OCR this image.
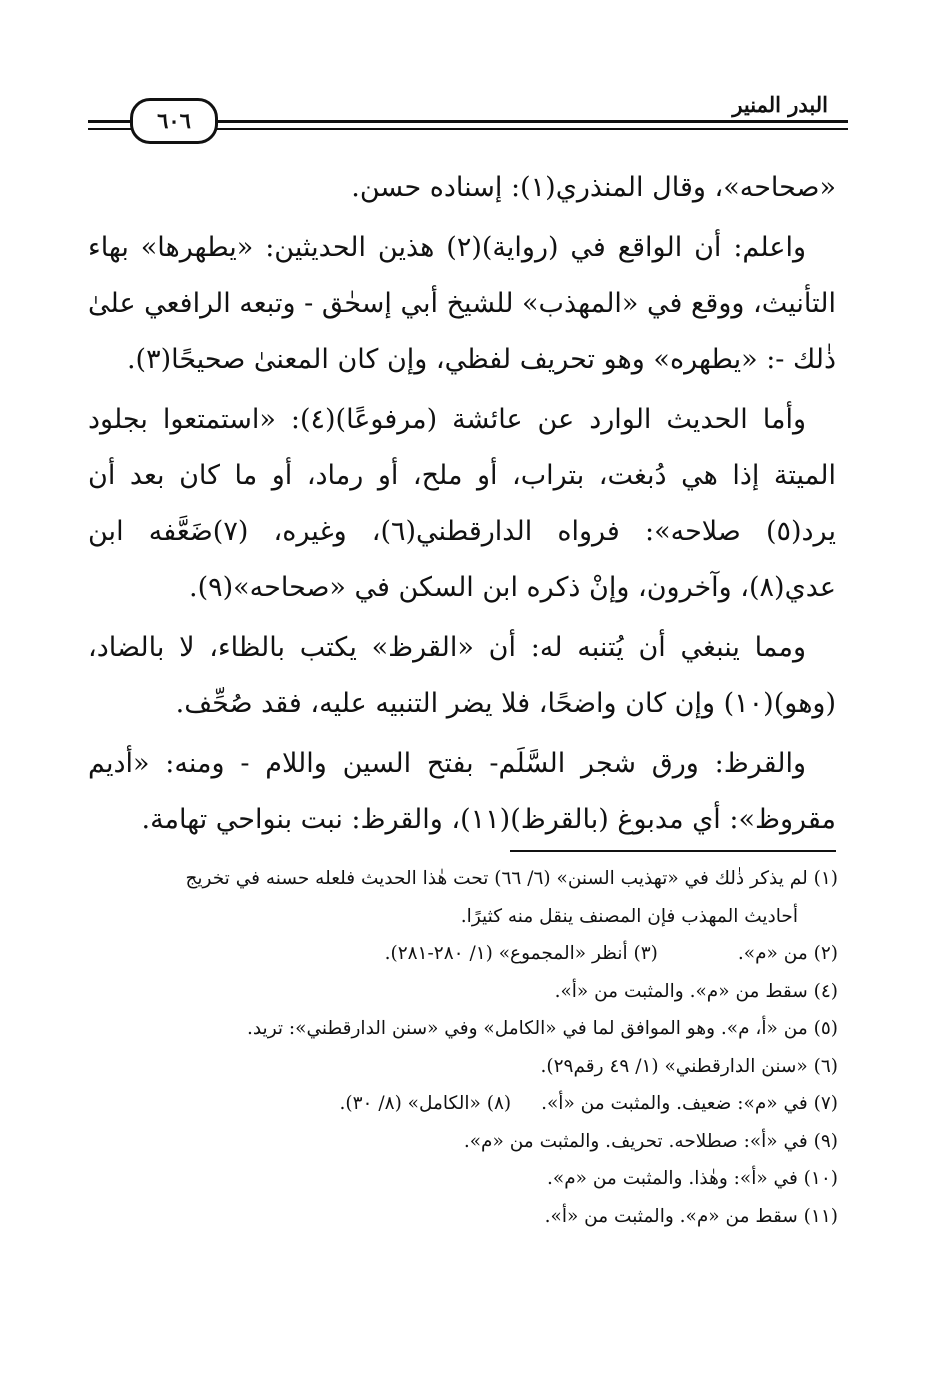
البدر المنير
٦٠٦

«صحاحه»، وقال المنذري(١): إسناده حسن.

واعلم: أن الواقع في (رواية)(٢) هذين الحديثين: «يطهرها» بهاء التأنيث، ووقع في «المهذب» للشيخ أبي إسحٰق - وتبعه الرافعي علىٰ ذٰلك -: «يطهره» وهو تحريف لفظي، وإن كان المعنىٰ صحيحًا(٣).

وأما الحديث الوارد عن عائشة (مرفوعًا)(٤): «استمتعوا بجلود الميتة إذا هي دُبغت، بتراب، أو ملح، أو رماد، أو ما كان بعد أن يرد(٥) صلاحه»: فرواه الدارقطني(٦)، وغيره، (٧)ضَعَّفه ابن عدي(٨)، وآخرون، وإنْ ذكره ابن السكن في «صحاحه»(٩).

ومما ينبغي أن يُتنبه له: أن «القرظ» يكتب بالظاء، لا بالضاد، (وهو)(١٠) وإن كان واضحًا، فلا يضر التنبيه عليه، فقد صُحِّف.

والقرظ: ورق شجر السَّلَم- بفتح السين واللام - ومنه: «أديم مقروظ»: أي مدبوغ (بالقرظ)(١١)، والقرظ: نبت بنواحي تهامة.

(١) لم يذكر ذٰلك في «تهذيب السنن» (٦/ ٦٦) تحت هٰذا الحديث فلعله حسنه في تخريج

أحاديث المهذب فإن المصنف ينقل منه كثيرًا.

(٢) من «م».

(٣) أنظر «المجموع» (١/ ٢٨٠-٢٨١).

(٤) سقط من «م». والمثبت من «أ».

(٥) من «أ، م». وهو الموافق لما في «الكامل» وفي «سنن الدارقطني»: تريد.

(٦) «سنن الدارقطني» (١/ ٤٩ رقم٢٩).

(٧) في «م»: ضعيف. والمثبت من «أ».

(٨) «الكامل» (٨/ ٣٠).

(٩) في «أ»: صطلاحه. تحريف. والمثبت من «م».

(١٠) في «أ»: وهٰذا. والمثبت من «م».

(١١) سقط من «م». والمثبت من «أ».
